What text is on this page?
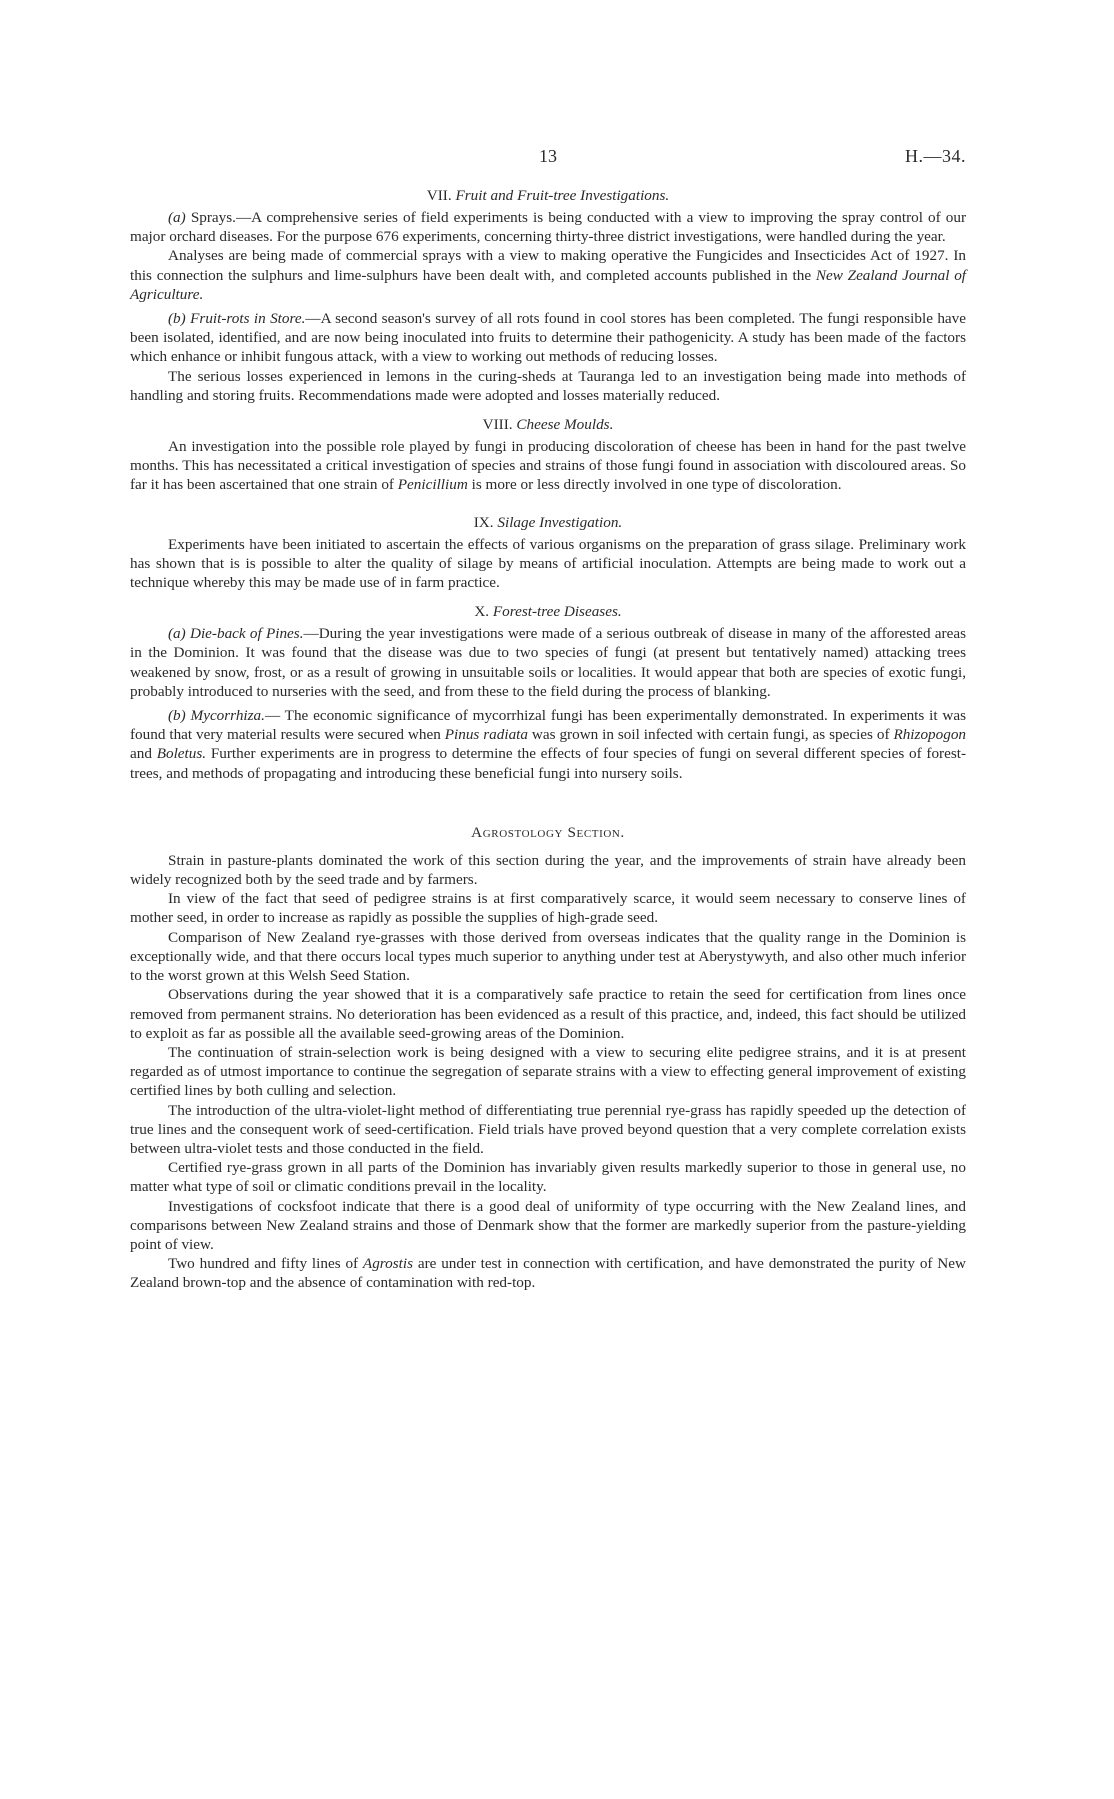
13	H.—34.
VII. Fruit and Fruit-tree Investigations.

(a) Sprays.—A comprehensive series of field experiments is being conducted with a view to improving the spray control of our major orchard diseases. For the purpose 676 experiments, concerning thirty-three district investigations, were handled during the year.

Analyses are being made of commercial sprays with a view to making operative the Fungicides and Insecticides Act of 1927. In this connection the sulphurs and lime-sulphurs have been dealt with, and completed accounts published in the New Zealand Journal of Agriculture.

(b) Fruit-rots in Store.—A second season's survey of all rots found in cool stores has been completed. The fungi responsible have been isolated, identified, and are now being inoculated into fruits to determine their pathogenicity. A study has been made of the factors which enhance or inhibit fungous attack, with a view to working out methods of reducing losses.

The serious losses experienced in lemons in the curing-sheds at Tauranga led to an investigation being made into methods of handling and storing fruits. Recommendations made were adopted and losses materially reduced.

VIII. Cheese Moulds.

An investigation into the possible role played by fungi in producing discoloration of cheese has been in hand for the past twelve months. This has necessitated a critical investigation of species and strains of those fungi found in association with discoloured areas. So far it has been ascertained that one strain of Penicillium is more or less directly involved in one type of discoloration.

IX. Silage Investigation.

Experiments have been initiated to ascertain the effects of various organisms on the preparation of grass silage. Preliminary work has shown that is is possible to alter the quality of silage by means of artificial inoculation. Attempts are being made to work out a technique whereby this may be made use of in farm practice.

X. Forest-tree Diseases.

(a) Die-back of Pines.—During the year investigations were made of a serious outbreak of disease in many of the afforested areas in the Dominion. It was found that the disease was due to two species of fungi (at present but tentatively named) attacking trees weakened by snow, frost, or as a result of growing in unsuitable soils or localities. It would appear that both are species of exotic fungi, probably introduced to nurseries with the seed, and from these to the field during the process of blanking.

(b) Mycorrhiza.— The economic significance of mycorrhizal fungi has been experimentally demonstrated. In experiments it was found that very material results were secured when Pinus radiata was grown in soil infected with certain fungi, as species of Rhizopogon and Boletus. Further experiments are in progress to determine the effects of four species of fungi on several different species of forest-trees, and methods of propagating and introducing these beneficial fungi into nursery soils.

Agrostology Section.

Strain in pasture-plants dominated the work of this section during the year, and the improvements of strain have already been widely recognized both by the seed trade and by farmers.

In view of the fact that seed of pedigree strains is at first comparatively scarce, it would seem necessary to conserve lines of mother seed, in order to increase as rapidly as possible the supplies of high-grade seed.

Comparison of New Zealand rye-grasses with those derived from overseas indicates that the quality range in the Dominion is exceptionally wide, and that there occurs local types much superior to anything under test at Aberystywyth, and also other much inferior to the worst grown at this Welsh Seed Station.

Observations during the year showed that it is a comparatively safe practice to retain the seed for certification from lines once removed from permanent strains. No deterioration has been evidenced as a result of this practice, and, indeed, this fact should be utilized to exploit as far as possible all the available seed-growing areas of the Dominion.

The continuation of strain-selection work is being designed with a view to securing elite pedigree strains, and it is at present regarded as of utmost importance to continue the segregation of separate strains with a view to effecting general improvement of existing certified lines by both culling and selection.

The introduction of the ultra-violet-light method of differentiating true perennial rye-grass has rapidly speeded up the detection of true lines and the consequent work of seed-certification. Field trials have proved beyond question that a very complete correlation exists between ultra-violet tests and those conducted in the field.

Certified rye-grass grown in all parts of the Dominion has invariably given results markedly superior to those in general use, no matter what type of soil or climatic conditions prevail in the locality.

Investigations of cocksfoot indicate that there is a good deal of uniformity of type occurring with the New Zealand lines, and comparisons between New Zealand strains and those of Denmark show that the former are markedly superior from the pasture-yielding point of view.

Two hundred and fifty lines of Agrostis are under test in connection with certification, and have demonstrated the purity of New Zealand brown-top and the absence of contamination with red-top.
